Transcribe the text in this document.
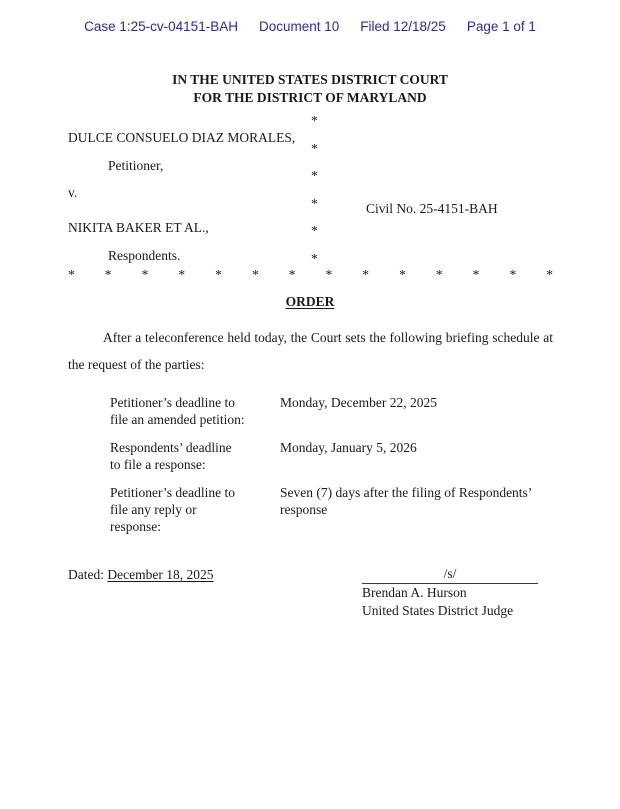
Case 1:25-cv-04151-BAH Document 10 Filed 12/18/25 Page 1 of 1
IN THE UNITED STATES DISTRICT COURT
FOR THE DISTRICT OF MARYLAND
*
*
*
*
*
*
DULCE CONSUELO DIAZ MORALES,
Petitioner,
v.
Civil No. 25-4151-BAH
NIKITA BAKER ET AL.,
Respondents.
* * * * * * * * * * * * * *
ORDER

After a teleconference held today, the Court sets the following briefing schedule at the request of the parties:

Petitioner’s deadline to
file an amended petition:
Monday, December 22, 2025
Respondents’ deadline
to file a response:
Monday, January 5, 2026
Petitioner’s deadline to
file any reply or
response:
Seven (7) days after the filing of Respondents’
response
Dated: December 18, 2025	/s/
Brendan A. Hurson
United States District Judge
